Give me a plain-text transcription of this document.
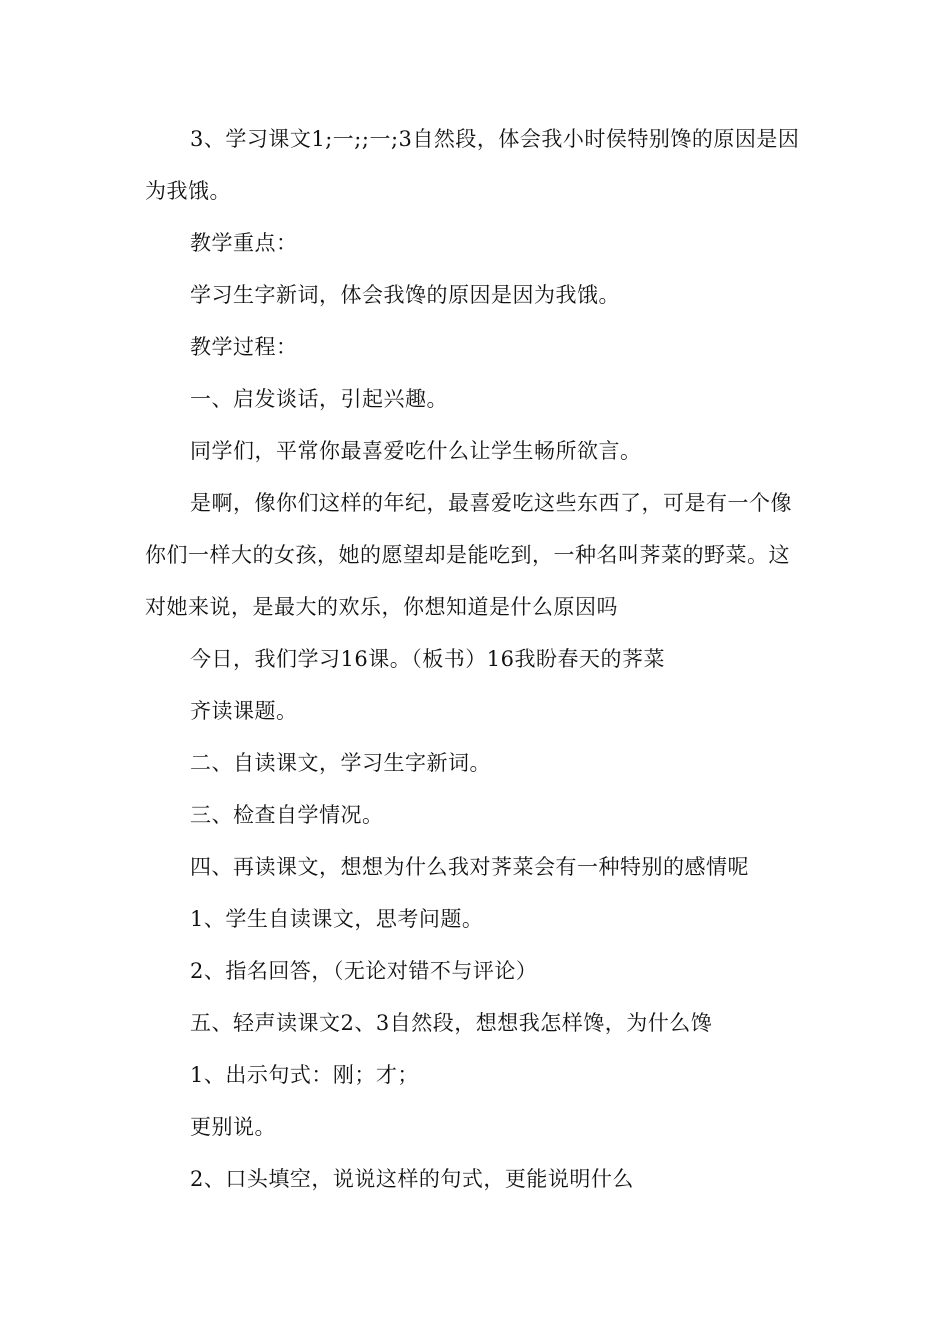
3、学习课文1;一;;一;3自然段，体会我小时侯特别馋的原因是因为我饿。

教学重点：

学习生字新词，体会我馋的原因是因为我饿。

教学过程：

一、启发谈话，引起兴趣。

同学们，平常你最喜爱吃什么让学生畅所欲言。

是啊，像你们这样的年纪，最喜爱吃这些东西了，可是有一个像你们一样大的女孩，她的愿望却是能吃到，一种名叫荠菜的野菜。这对她来说，是最大的欢乐，你想知道是什么原因吗

今日，我们学习16课。（板书）16我盼春天的荠菜

齐读课题。

二、自读课文，学习生字新词。

三、检查自学情况。

四、再读课文，想想为什么我对荠菜会有一种特别的感情呢

1、学生自读课文，思考问题。

2、指名回答，（无论对错不与评论）

五、轻声读课文2、3自然段，想想我怎样馋，为什么馋

1、出示句式：刚；才；

更别说。

2、口头填空，说说这样的句式，更能说明什么
